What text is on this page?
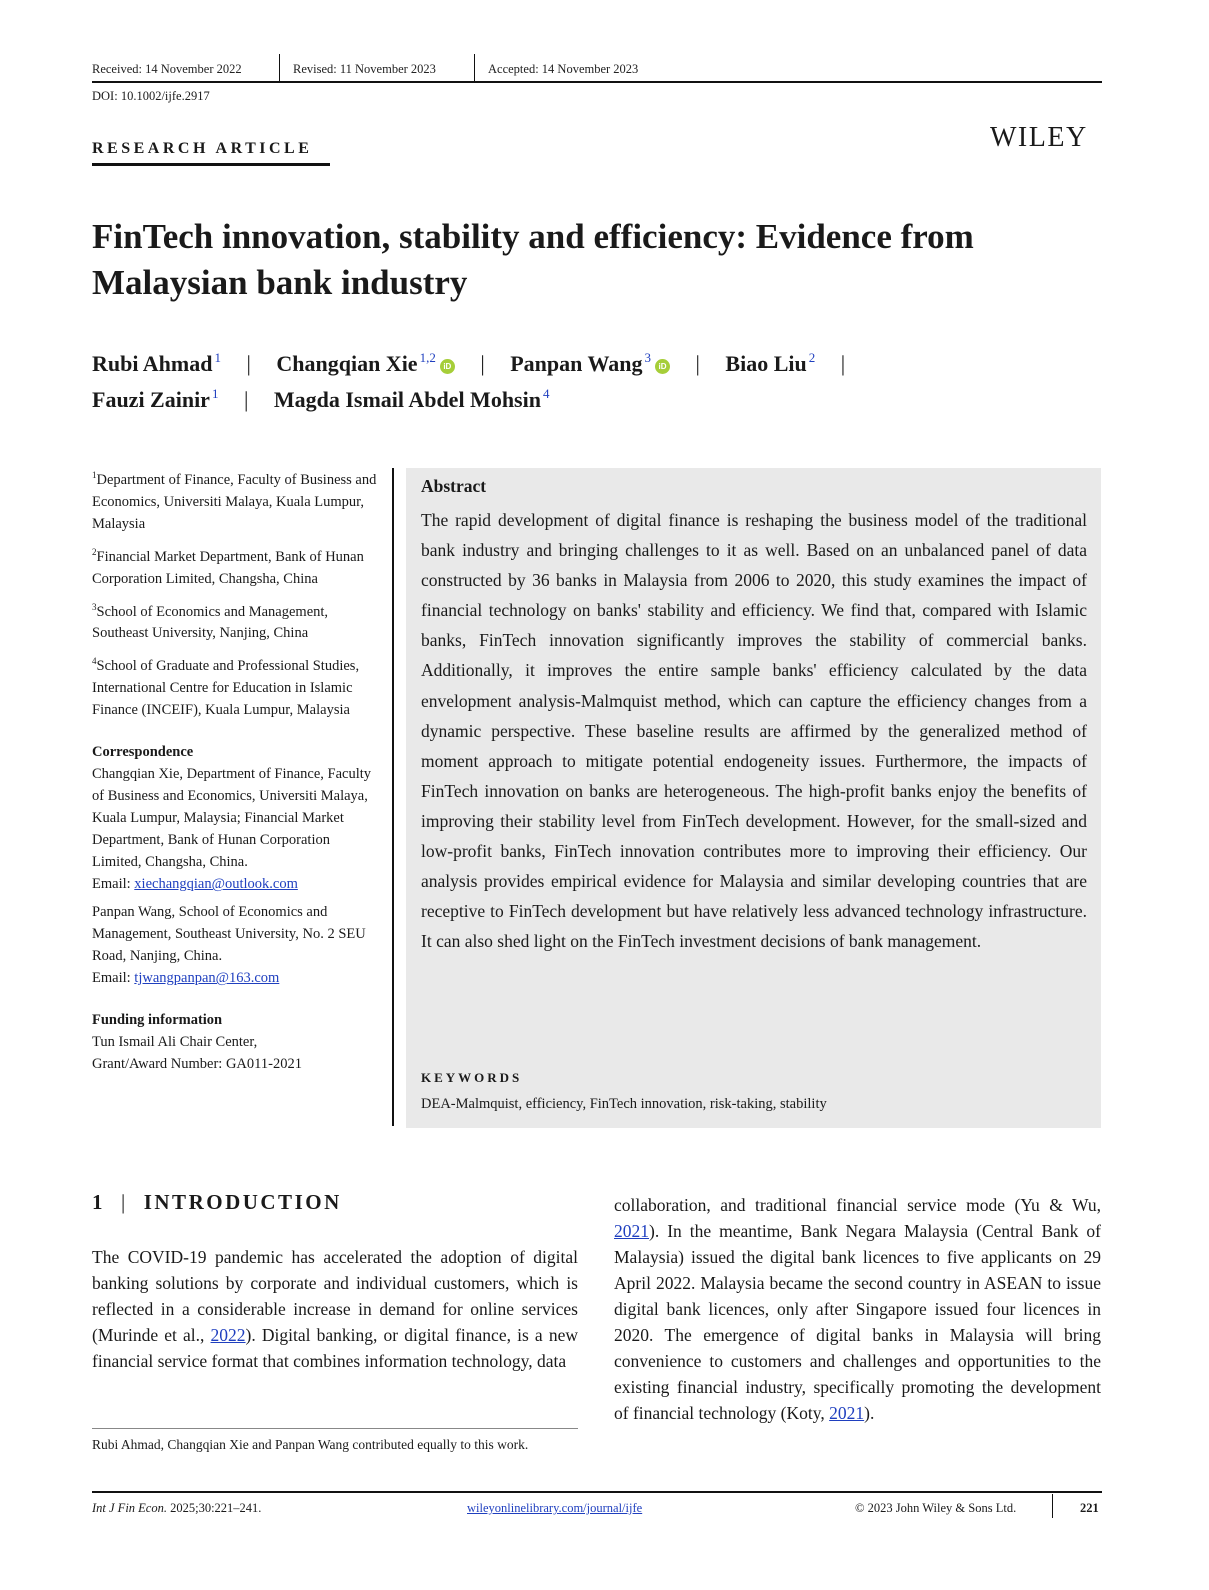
Received: 14 November 2022	Revised: 11 November 2023	Accepted: 14 November 2023
DOI: 10.1002/ijfe.2917
RESEARCH ARTICLE	WILEY
FinTech innovation, stability and efficiency: Evidence from
Malaysian bank industry
Rubi Ahmad $^1$ | Changqian Xie $^{1,2}$iD | Panpan Wang $^3$iD | Biao Liu $^2$ |
Fauzi Zainir $^1$ | Magda Ismail Abdel Mohsin $^4$

$^1$Department of Finance, Faculty of Business and Economics, Universiti Malaya, Kuala Lumpur, Malaysia

$^2$Financial Market Department, Bank of Hunan Corporation Limited, Changsha, China

$^3$School of Economics and Management, Southeast University, Nanjing, China

$^4$School of Graduate and Professional Studies, International Centre for Education in Islamic Finance (INCEIF), Kuala Lumpur, Malaysia

Correspondence

Changqian Xie, Department of Finance, Faculty of Business and Economics, Universiti Malaya, Kuala Lumpur, Malaysia; Financial Market Department, Bank of Hunan Corporation Limited, Changsha, China.
Email: xiechangqian@outlook.com

Panpan Wang, School of Economics and Management, Southeast University, No. 2 SEU Road, Nanjing, China.
Email: tjwangpanpan@163.com

Funding information

Tun Ismail Ali Chair Center,
Grant/Award Number: GA011-2021

Abstract
The rapid development of digital finance is reshaping the business model of the traditional bank industry and bringing challenges to it as well. Based on an unbalanced panel of data constructed by 36 banks in Malaysia from 2006 to 2020, this study examines the impact of financial technology on banks' stability and efficiency. We find that, compared with Islamic banks, FinTech innovation significantly improves the stability of commercial banks. Additionally, it improves the entire sample banks' efficiency calculated by the data envelopment analysis-Malmquist method, which can capture the efficiency changes from a dynamic perspective. These baseline results are affirmed by the generalized method of moment approach to mitigate potential endogeneity issues. Furthermore, the impacts of FinTech innovation on banks are heterogeneous. The high-profit banks enjoy the benefits of improving their stability level from FinTech development. However, for the small-sized and low-profit banks, FinTech innovation contributes more to improving their efficiency. Our analysis provides empirical evidence for Malaysia and similar developing countries that are receptive to FinTech development but have relatively less advanced technology infrastructure. It can also shed light on the FinTech investment decisions of bank management.
KEYWORDS
DEA-Malmquist, efficiency, FinTech innovation, risk-taking, stability
1 | INTRODUCTION
The COVID-19 pandemic has accelerated the adoption of digital banking solutions by corporate and individual customers, which is reflected in a considerable increase in demand for online services (Murinde et al., 2022). Digital banking, or digital finance, is a new financial service format that combines information technology, data
collaboration, and traditional financial service mode (Yu & Wu, 2021). In the meantime, Bank Negara Malaysia (Central Bank of Malaysia) issued the digital bank licences to five applicants on 29 April 2022. Malaysia became the second country in ASEAN to issue digital bank licences, only after Singapore issued four licences in 2020. The emergence of digital banks in Malaysia will bring convenience to customers and challenges and opportunities to the existing financial industry, specifically promoting the development of financial technology (Koty, 2021).
Rubi Ahmad, Changqian Xie and Panpan Wang contributed equally to this work.
Int J Fin Econ. 2025;30:221–241.	wileyonlinelibrary.com/journal/ijfe	© 2023 John Wiley & Sons Ltd.	221
